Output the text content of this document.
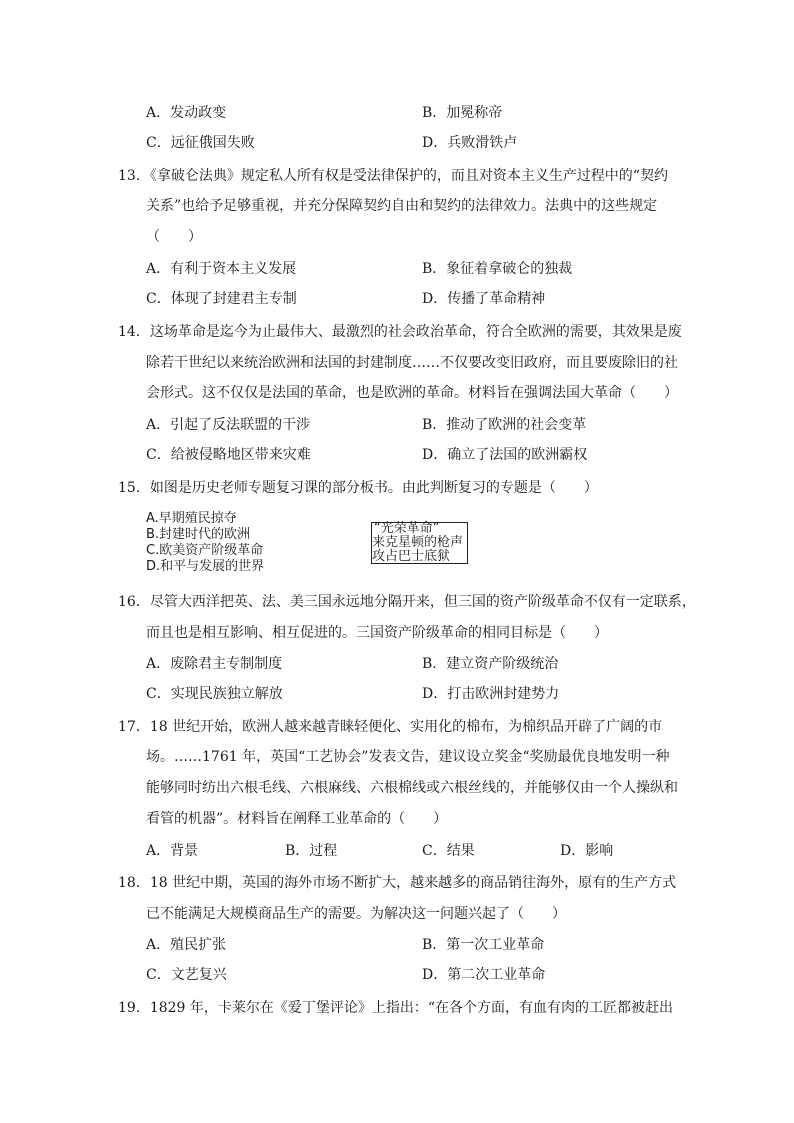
A．发动政变	B．加冕称帝
C．远征俄国失败	D．兵败滑铁卢
13．《拿破仑法典》规定私人所有权是受法律保护的，而且对资本主义生产过程中的“契约
关系”也给予足够重视，并充分保障契约自由和契约的法律效力。法典中的这些规定
（　　）
A．有利于资本主义发展	B．象征着拿破仑的独裁
C．体现了封建君主专制	D．传播了革命精神
14．这场革命是迄今为止最伟大、最激烈的社会政治革命，符合全欧洲的需要，其效果是废
除若干世纪以来统治欧洲和法国的封建制度……不仅要改变旧政府，而且要废除旧的社
会形式。这不仅仅是法国的革命，也是欧洲的革命。材料旨在强调法国大革命（　　）
A．引起了反法联盟的干涉	B．推动了欧洲的社会变革
C．给被侵略地区带来灾难	D．确立了法国的欧洲霸权
15．如图是历史老师专题复习课的部分板书。由此判断复习的专题是（　　）
A.早期殖民掠夺
B.封建时代的欧洲
C.欧美资产阶级革命
D.和平与发展的世界
“光荣革命”
来克星顿的枪声
攻占巴士底狱
16．尽管大西洋把英、法、美三国永远地分隔开来，但三国的资产阶级革命不仅有一定联系，
而且也是相互影响、相互促进的。三国资产阶级革命的相同目标是（　　）
A．废除君主专制制度	B．建立资产阶级统治
C．实现民族独立解放	D．打击欧洲封建势力
17．18 世纪开始，欧洲人越来越青睐轻便化、实用化的棉布，为棉织品开辟了广阔的市
场。……1761 年，英国“工艺协会”发表文告，建议设立奖金“奖励最优良地发明一种
能够同时纺出六根毛线、六根麻线、六根棉线或六根丝线的，并能够仅由一个人操纵和
看管的机器”。材料旨在阐释工业革命的（　　）
A．背景	B．过程	C．结果	D．影响
18．18 世纪中期，英国的海外市场不断扩大，越来越多的商品销往海外，原有的生产方式
已不能满足大规模商品生产的需要。为解决这一问题兴起了（　　）
A．殖民扩张	B．第一次工业革命
C．文艺复兴	D．第二次工业革命
19．1829 年，卡莱尔在《爱丁堡评论》上指出：“在各个方面，有血有肉的工匠都被赶出
